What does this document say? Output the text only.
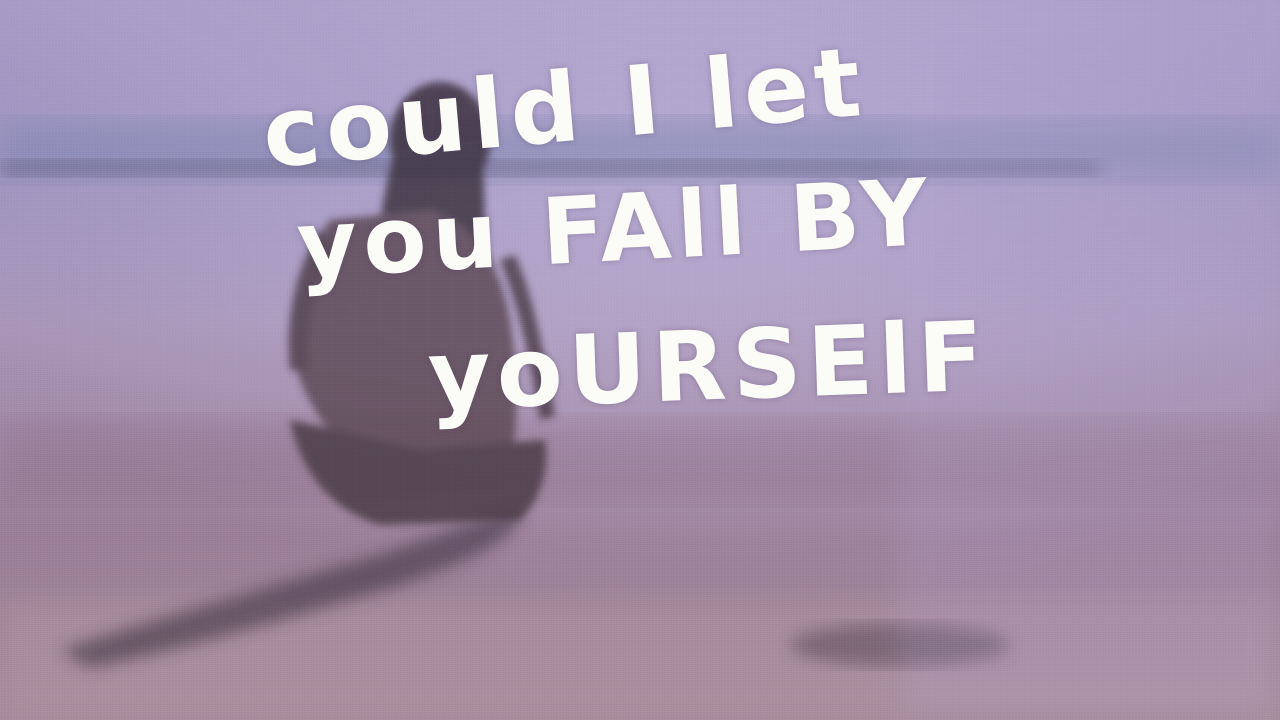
could I let
you FAll BY
yoURSElF
